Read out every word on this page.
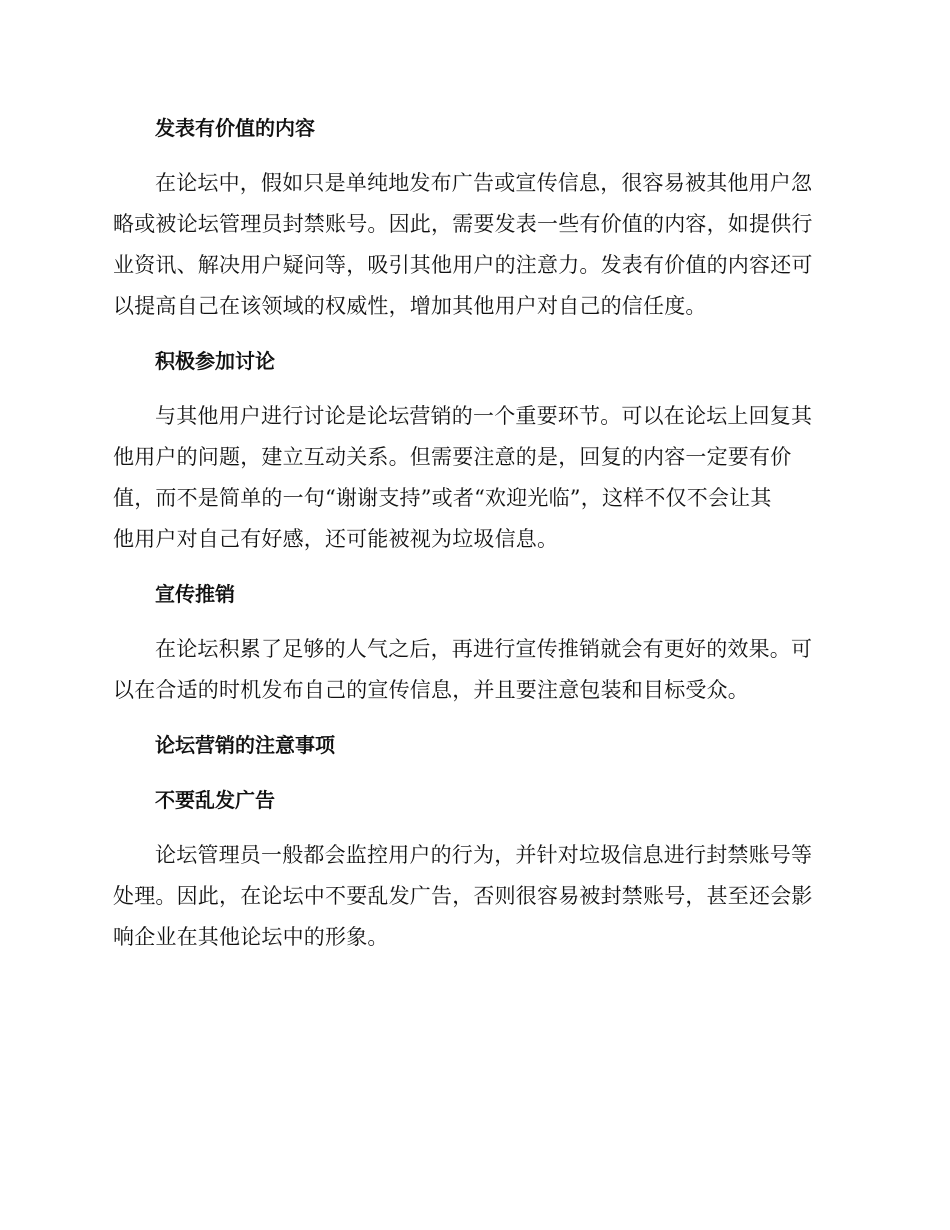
发表有价值的内容
在论坛中，假如只是单纯地发布广告或宣传信息，很容易被其他用户忽
略或被论坛管理员封禁账号。因此，需要发表一些有价值的内容，如提供行
业资讯、解决用户疑问等，吸引其他用户的注意力。发表有价值的内容还可
以提高自己在该领域的权威性，增加其他用户对自己的信任度。
积极参加讨论
与其他用户进行讨论是论坛营销的一个重要环节。可以在论坛上回复其
他用户的问题，建立互动关系。但需要注意的是，回复的内容一定要有价
值，而不是简单的一句“谢谢支持”或者“欢迎光临”，这样不仅不会让其
他用户对自己有好感，还可能被视为垃圾信息。
宣传推销
在论坛积累了足够的人气之后，再进行宣传推销就会有更好的效果。可
以在合适的时机发布自己的宣传信息，并且要注意包装和目标受众。
论坛营销的注意事项
不要乱发广告
论坛管理员一般都会监控用户的行为，并针对垃圾信息进行封禁账号等
处理。因此，在论坛中不要乱发广告，否则很容易被封禁账号，甚至还会影
响企业在其他论坛中的形象。
